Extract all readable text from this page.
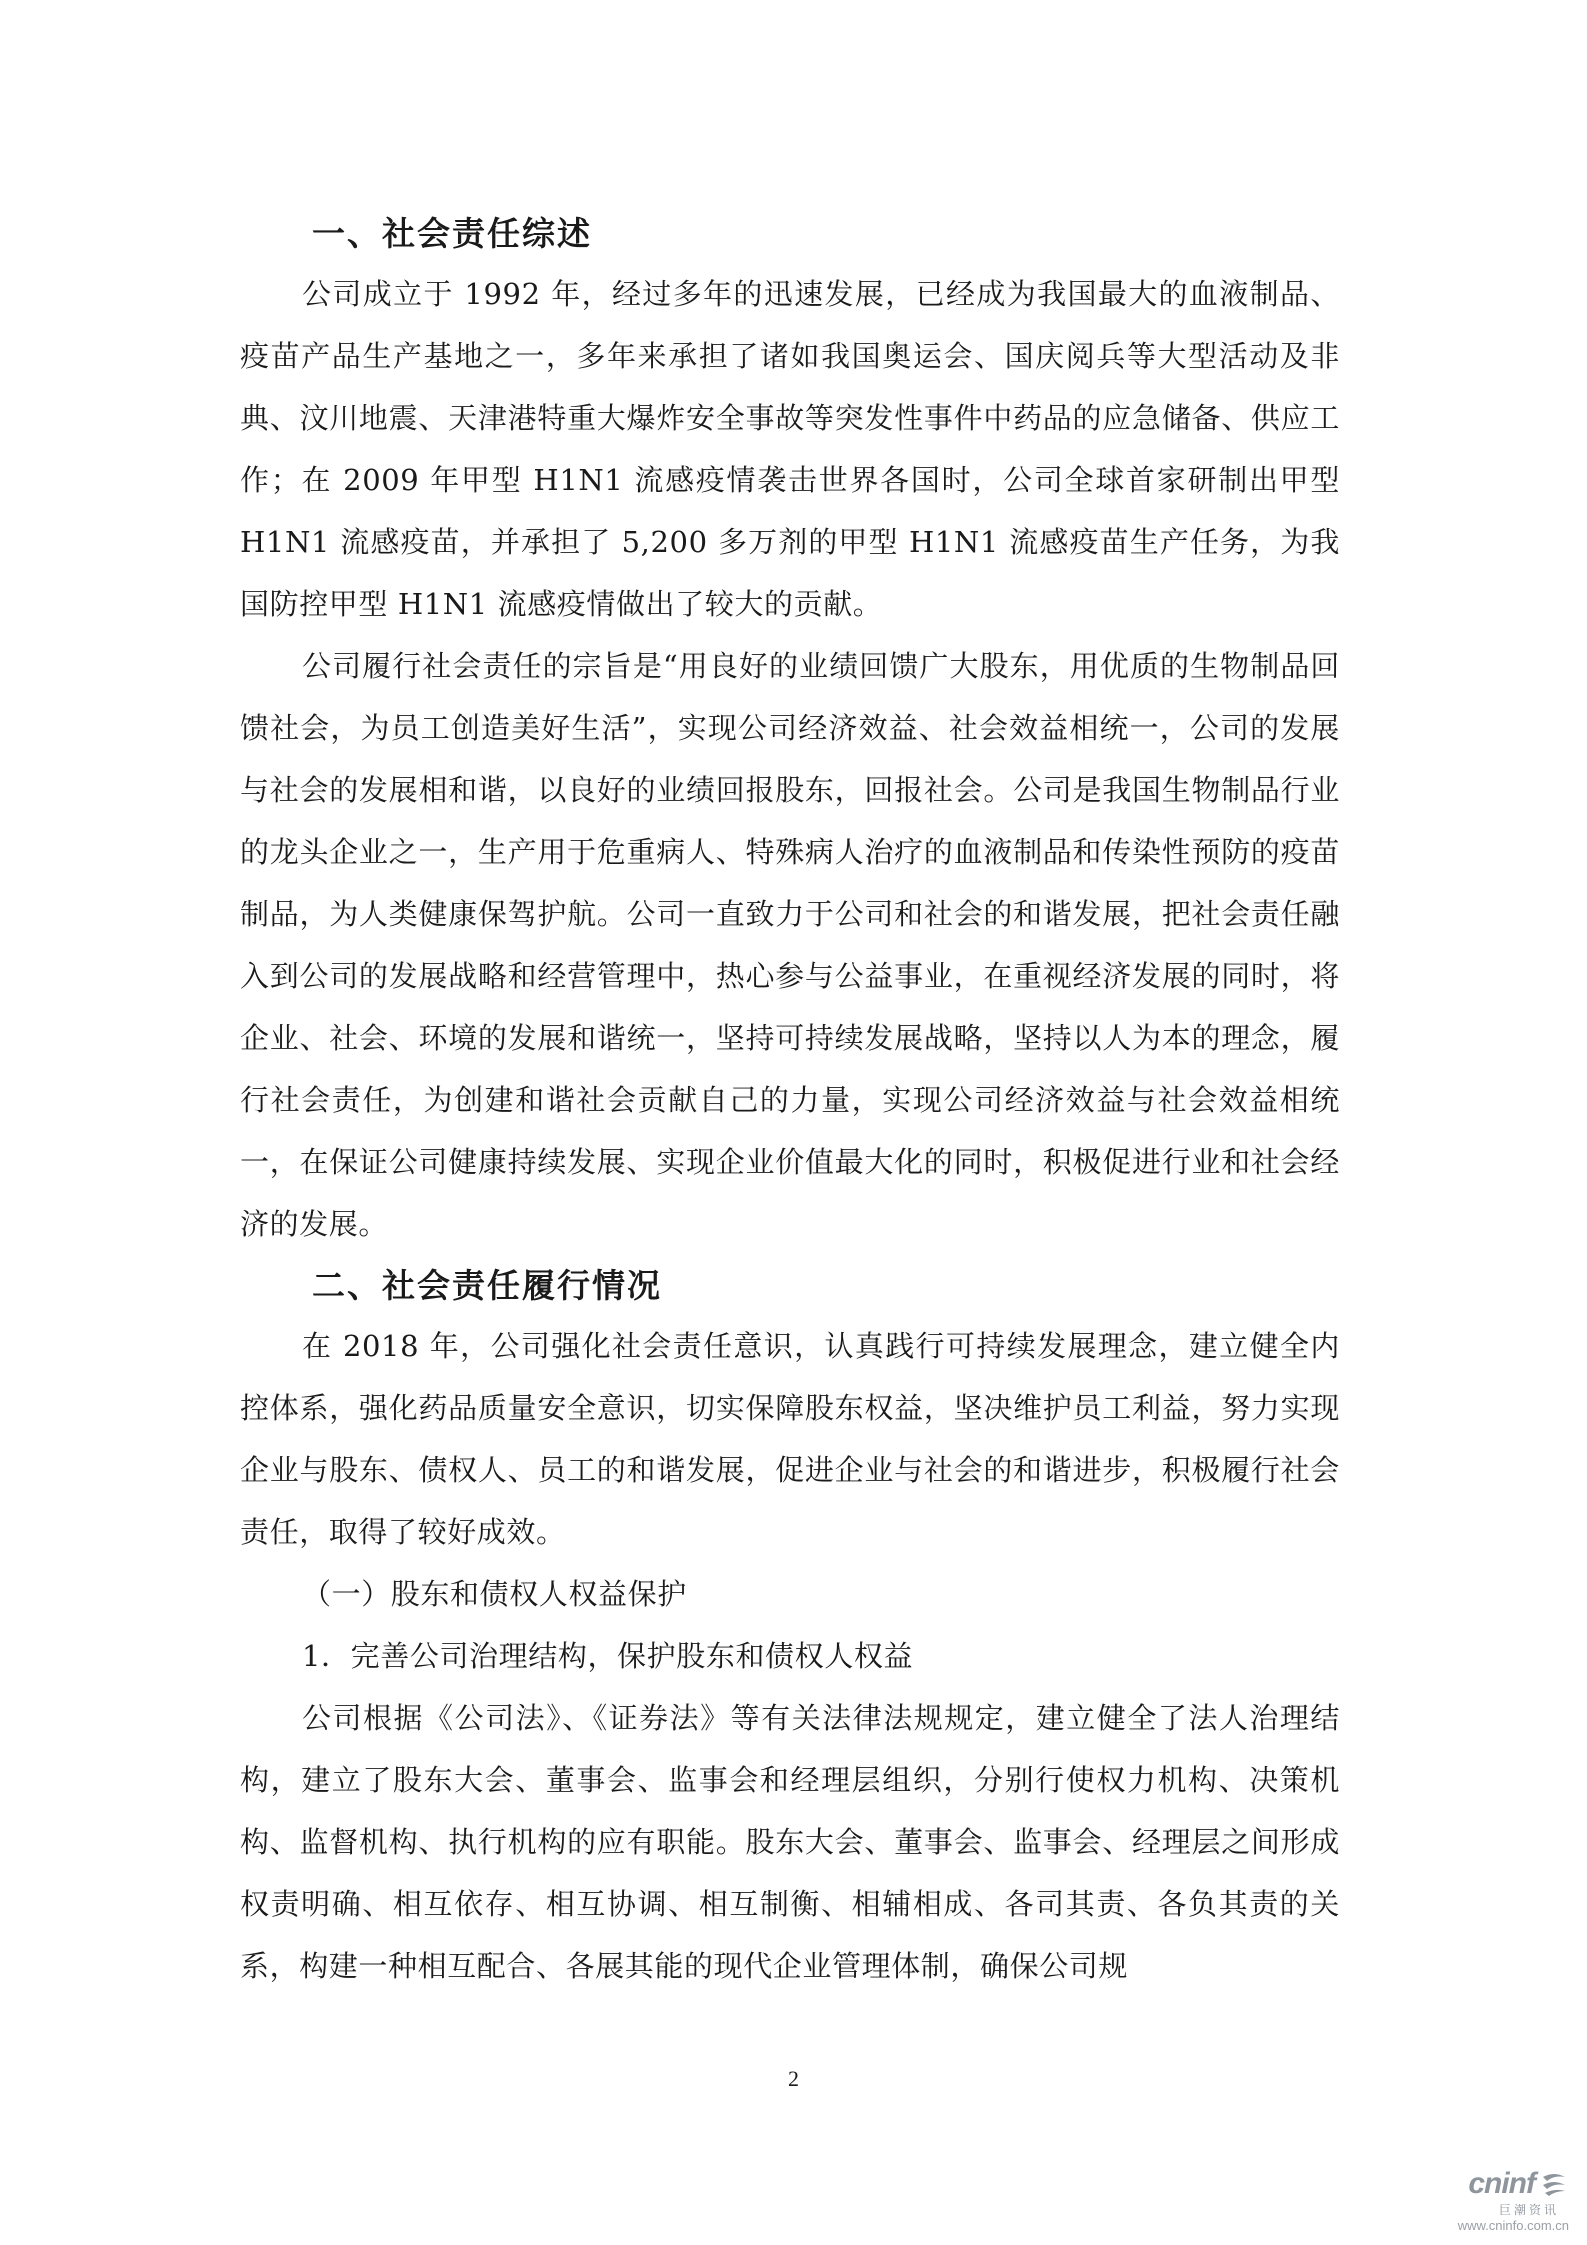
一、社会责任综述

公司成立于 1992 年，经过多年的迅速发展，已经成为我国最大的血液制品、疫苗产品生产基地之一，多年来承担了诸如我国奥运会、国庆阅兵等大型活动及非典、汶川地震、天津港特重大爆炸安全事故等突发性事件中药品的应急储备、供应工作；在 2009 年甲型 H1N1 流感疫情袭击世界各国时，公司全球首家研制出甲型 H1N1 流感疫苗，并承担了 5,200 多万剂的甲型 H1N1 流感疫苗生产任务，为我国防控甲型 H1N1 流感疫情做出了较大的贡献。

公司履行社会责任的宗旨是“用良好的业绩回馈广大股东，用优质的生物制品回馈社会，为员工创造美好生活”，实现公司经济效益、社会效益相统一，公司的发展与社会的发展相和谐，以良好的业绩回报股东，回报社会。公司是我国生物制品行业的龙头企业之一，生产用于危重病人、特殊病人治疗的血液制品和传染性预防的疫苗制品，为人类健康保驾护航。公司一直致力于公司和社会的和谐发展，把社会责任融入到公司的发展战略和经营管理中，热心参与公益事业，在重视经济发展的同时，将企业、社会、环境的发展和谐统一，坚持可持续发展战略，坚持以人为本的理念，履行社会责任，为创建和谐社会贡献自己的力量，实现公司经济效益与社会效益相统一，在保证公司健康持续发展、实现企业价值最大化的同时，积极促进行业和社会经济的发展。

二、社会责任履行情况

在 2018 年，公司强化社会责任意识，认真践行可持续发展理念，建立健全内控体系，强化药品质量安全意识，切实保障股东权益，坚决维护员工利益，努力实现企业与股东、债权人、员工的和谐发展，促进企业与社会的和谐进步，积极履行社会责任，取得了较好成效。

（一）股东和债权人权益保护

1．完善公司治理结构，保护股东和债权人权益

公司根据《公司法》、《证券法》等有关法律法规规定，建立健全了法人治理结构，建立了股东大会、董事会、监事会和经理层组织，分别行使权力机构、决策机构、监督机构、执行机构的应有职能。股东大会、董事会、监事会、经理层之间形成权责明确、相互依存、相互协调、相互制衡、相辅相成、各司其责、各负其责的关系，构建一种相互配合、各展其能的现代企业管理体制，确保公司规

2
cninf
巨潮资讯
www.cninfo.com.cn
